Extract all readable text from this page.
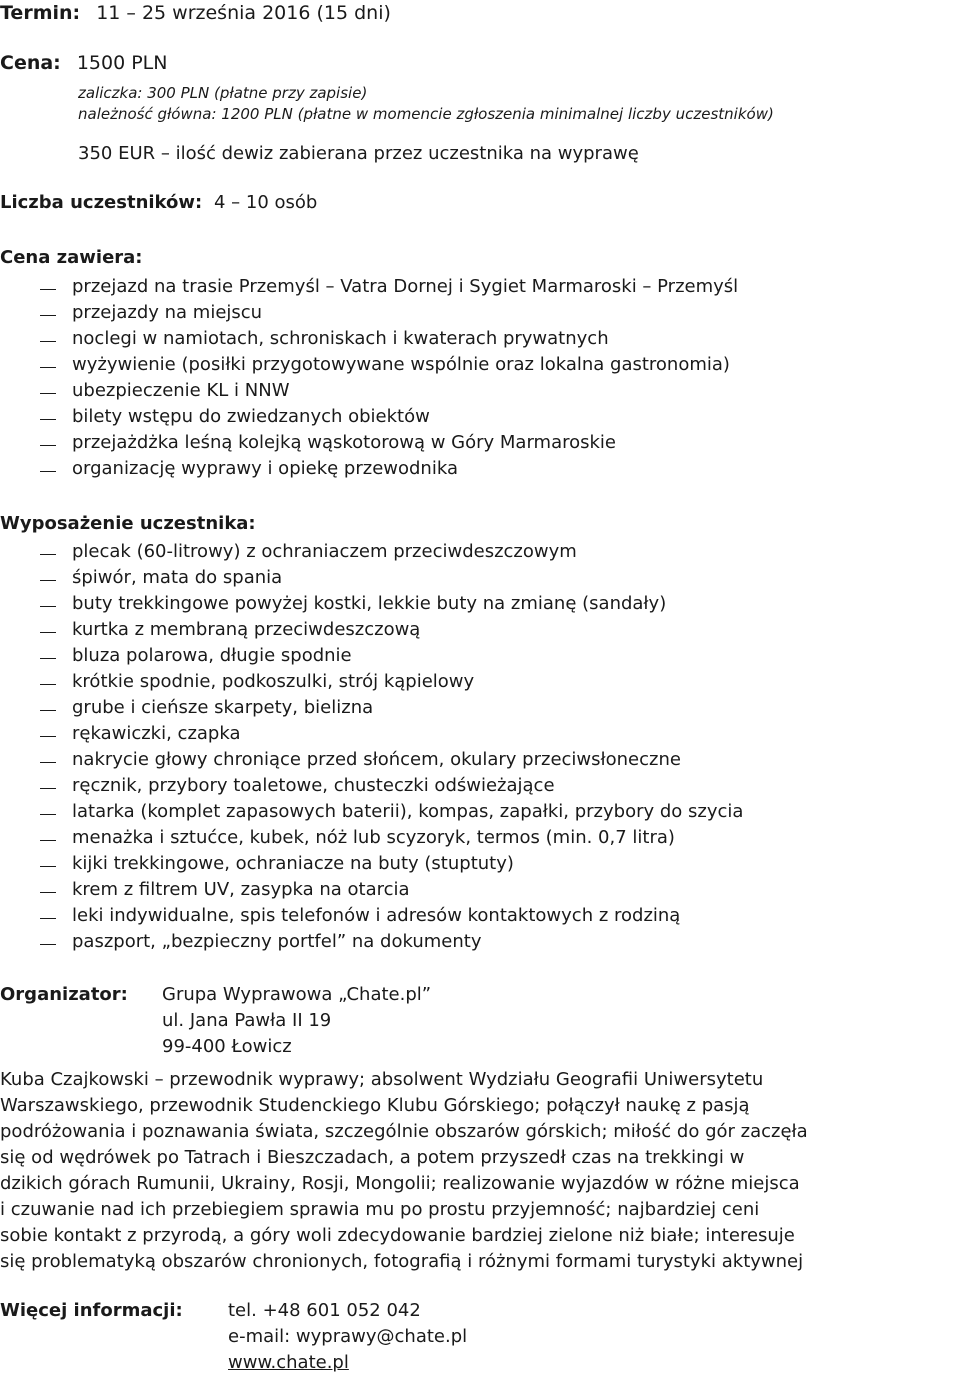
Termin: 11 – 25 września 2016 (15 dni)
Cena: 1500 PLN
zaliczka: 300 PLN (płatne przy zapisie)
należność główna: 1200 PLN (płatne w momencie zgłoszenia minimalnej liczby uczestników)
350 EUR – ilość dewiz zabierana przez uczestnika na wyprawę
Liczba uczestników: 4 – 10 osób
Cena zawiera:
przejazd na trasie Przemyśl – Vatra Dornej i Sygiet Marmaroski – Przemyśl
przejazdy na miejscu
noclegi w namiotach, schroniskach i kwaterach prywatnych
wyżywienie (posiłki przygotowywane wspólnie oraz lokalna gastronomia)
ubezpieczenie KL i NNW
bilety wstępu do zwiedzanych obiektów
przejażdżka leśną kolejką wąskotorową w Góry Marmaroskie
organizację wyprawy i opiekę przewodnika
Wyposażenie uczestnika:
plecak (60-litrowy) z ochraniaczem przeciwdeszczowym
śpiwór, mata do spania
buty trekkingowe powyżej kostki, lekkie buty na zmianę (sandały)
kurtka z membraną przeciwdeszczową
bluza polarowa, długie spodnie
krótkie spodnie, podkoszulki, strój kąpielowy
grube i cieńsze skarpety, bielizna
rękawiczki, czapka
nakrycie głowy chroniące przed słońcem, okulary przeciwsłoneczne
ręcznik, przybory toaletowe, chusteczki odświeżające
latarka (komplet zapasowych baterii), kompas, zapałki, przybory do szycia
menażka i sztućce, kubek, nóż lub scyzoryk, termos (min. 0,7 litra)
kijki trekkingowe, ochraniacze na buty (stuptuty)
krem z filtrem UV, zasypka na otarcia
leki indywidualne, spis telefonów i adresów kontaktowych z rodziną
paszport, „bezpieczny portfel” na dokumenty
Organizator: Grupa Wyprawowa „Chate.pl”
ul. Jana Pawła II 19
99-400 Łowicz
Kuba Czajkowski – przewodnik wyprawy; absolwent Wydziału Geografii Uniwersytetu
Warszawskiego, przewodnik Studenckiego Klubu Górskiego; połączył naukę z pasją
podróżowania i poznawania świata, szczególnie obszarów górskich; miłość do gór zaczęła
się od wędrówek po Tatrach i Bieszczadach, a potem przyszedł czas na trekkingi w
dzikich górach Rumunii, Ukrainy, Rosji, Mongolii; realizowanie wyjazdów w różne miejsca
i czuwanie nad ich przebiegiem sprawia mu po prostu przyjemność; najbardziej ceni
sobie kontakt z przyrodą, a góry woli zdecydowanie bardziej zielone niż białe; interesuje
się problematyką obszarów chronionych, fotografią i różnymi formami turystyki aktywnej
Więcej informacji:	tel. +48 601 052 042
e-mail: wyprawy@chate.pl
www.chate.pl
